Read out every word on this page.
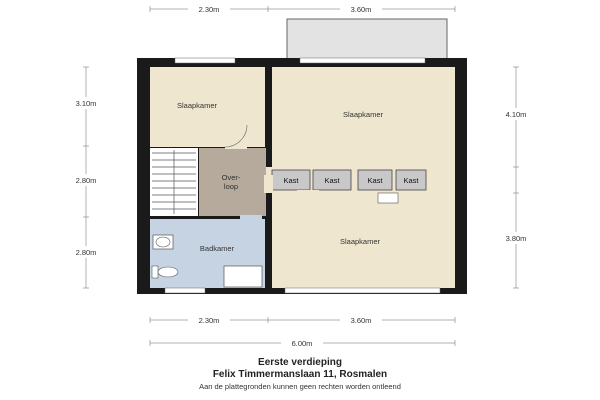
Slaapkamer
Slaapkamer
Over-
loop
Badkamer
Slaapkamer
Kast	Kast	Kast	Kast
2.30m	3.60m
3.10m
2.80m
2.80m
4.10m
3.80m
2.30m	3.60m
6.00m
Eerste verdieping
Felix Timmermanslaan 11, Rosmalen
Aan de plattegronden kunnen geen rechten worden ontleend
